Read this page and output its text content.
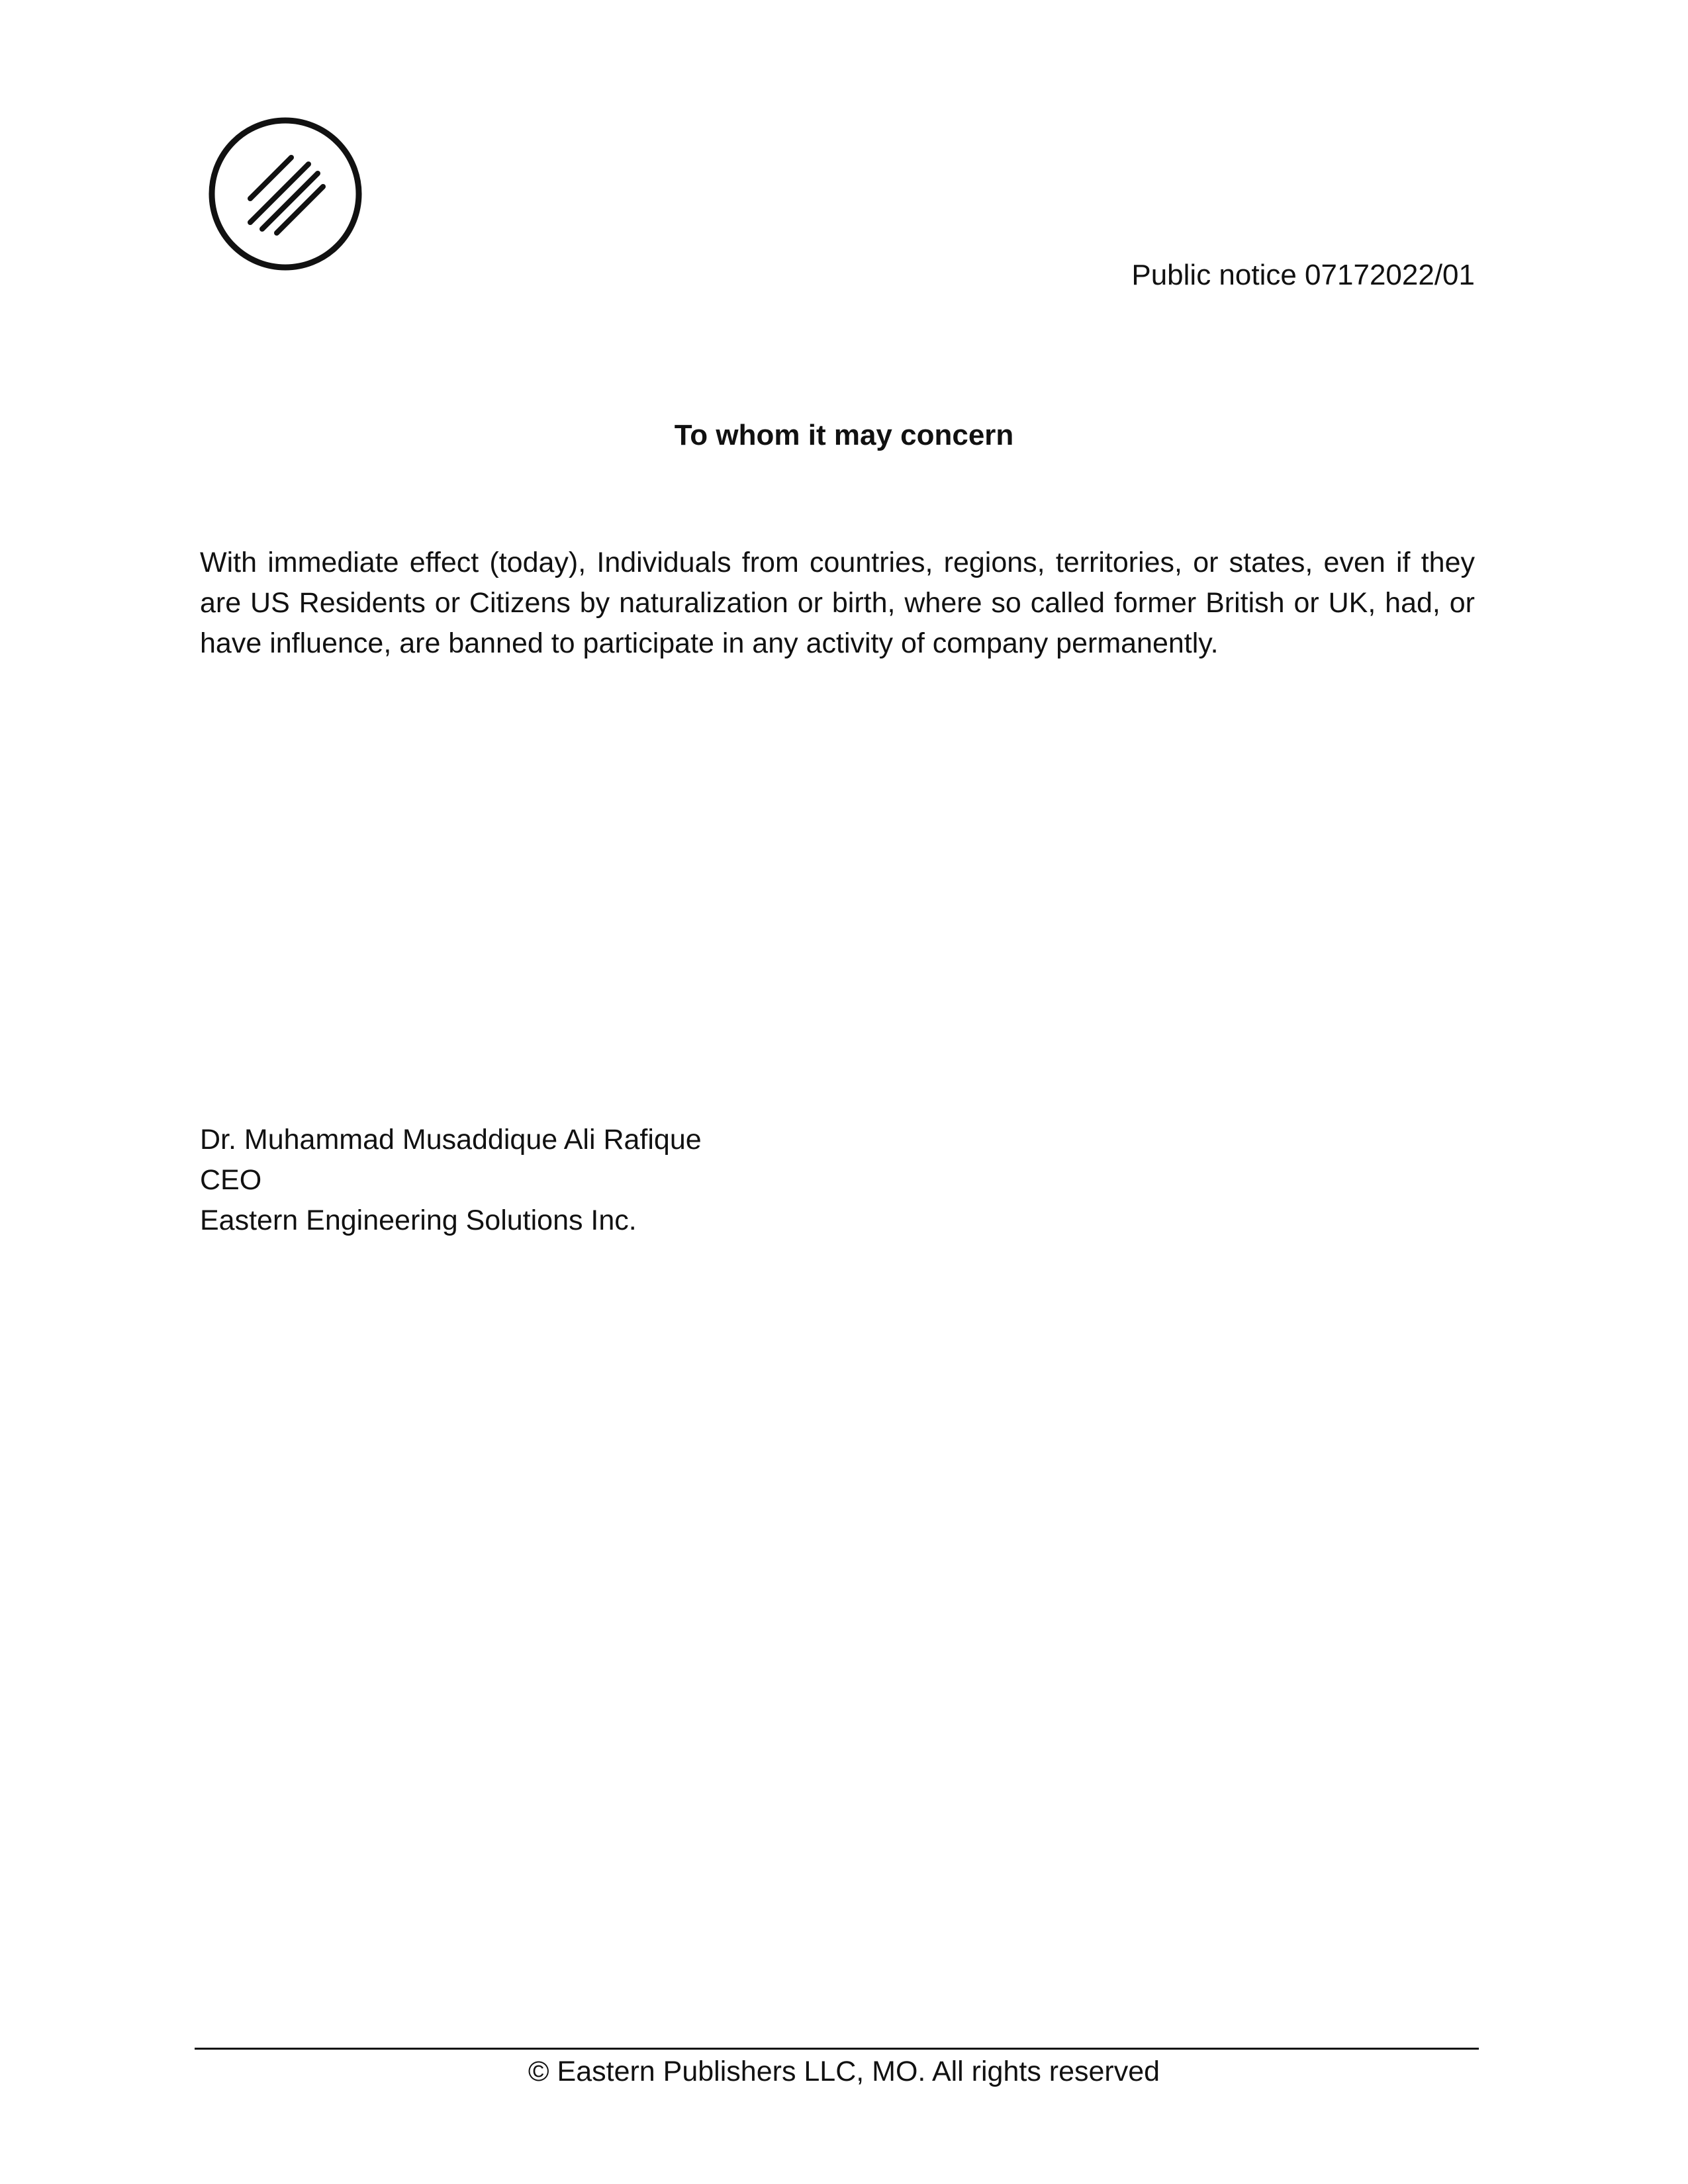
Public notice 07172022/01
To whom it may concern
With immediate effect (today), Individuals from countries, regions, territories, or states, even if they are US Residents or Citizens by naturalization or birth, where so called former British or UK, had, or have influence, are banned to participate in any activity of company permanently.
Dr. Muhammad Musaddique Ali Rafique
CEO
Eastern Engineering Solutions Inc.
© Eastern Publishers LLC, MO. All rights reserved
